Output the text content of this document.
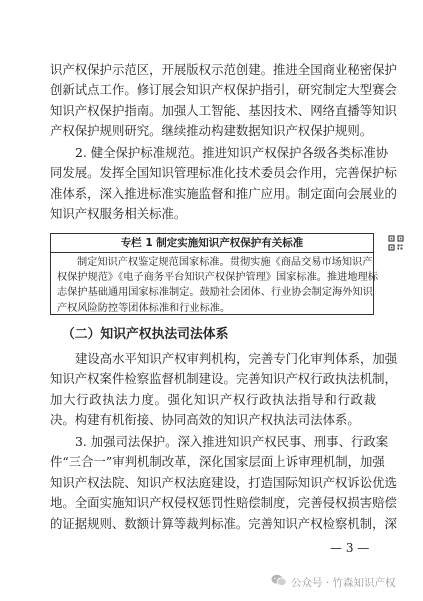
识产权保护示范区，开展版权示范创建。推进全国商业秘密保护
创新试点工作。修订展会知识产权保护指引，研究制定大型赛会
知识产权保护指南。加强人工智能、基因技术、网络直播等知识
产权保护规则研究。继续推动构建数据知识产权保护规则。
2. 健全保护标准规范。推进知识产权保护各级各类标准协
同发展。发挥全国知识管理标准化技术委员会作用，完善保护标
准体系，深入推进标准实施监督和推广应用。制定面向会展业的
知识产权服务相关标准。
专栏 1 制定实施知识产权保护有关标准
制定知识产权鉴定规范国家标准。贯彻实施《商品交易市场知识产
权保护规范》《电子商务平台知识产权保护管理》国家标准。推进地理标
志保护基础通用国家标准制定。鼓励社会团体、行业协会制定海外知识
产权风险防控等团体标准和行业标准。
（二）知识产权执法司法体系
建设高水平知识产权审判机构，完善专门化审判体系，加强
知识产权案件检察监督机制建设。完善知识产权行政执法机制，
加大行政执法力度。强化知识产权行政执法指导和行政裁
决。构建有机衔接、协同高效的知识产权执法司法体系。
3. 加强司法保护。深入推进知识产权民事、刑事、行政案
件“三合一”审判机制改革，深化国家层面上诉审理机制，加强
知识产权法院、知识产权法庭建设，打造国际知识产权诉讼优选
地。全面实施知识产权侵权惩罚性赔偿制度，完善侵权损害赔偿
的证据规则、数额计算等裁判标准。完善知识产权检察机制，深
— 3 —
公众号 · 竹森知识产权
